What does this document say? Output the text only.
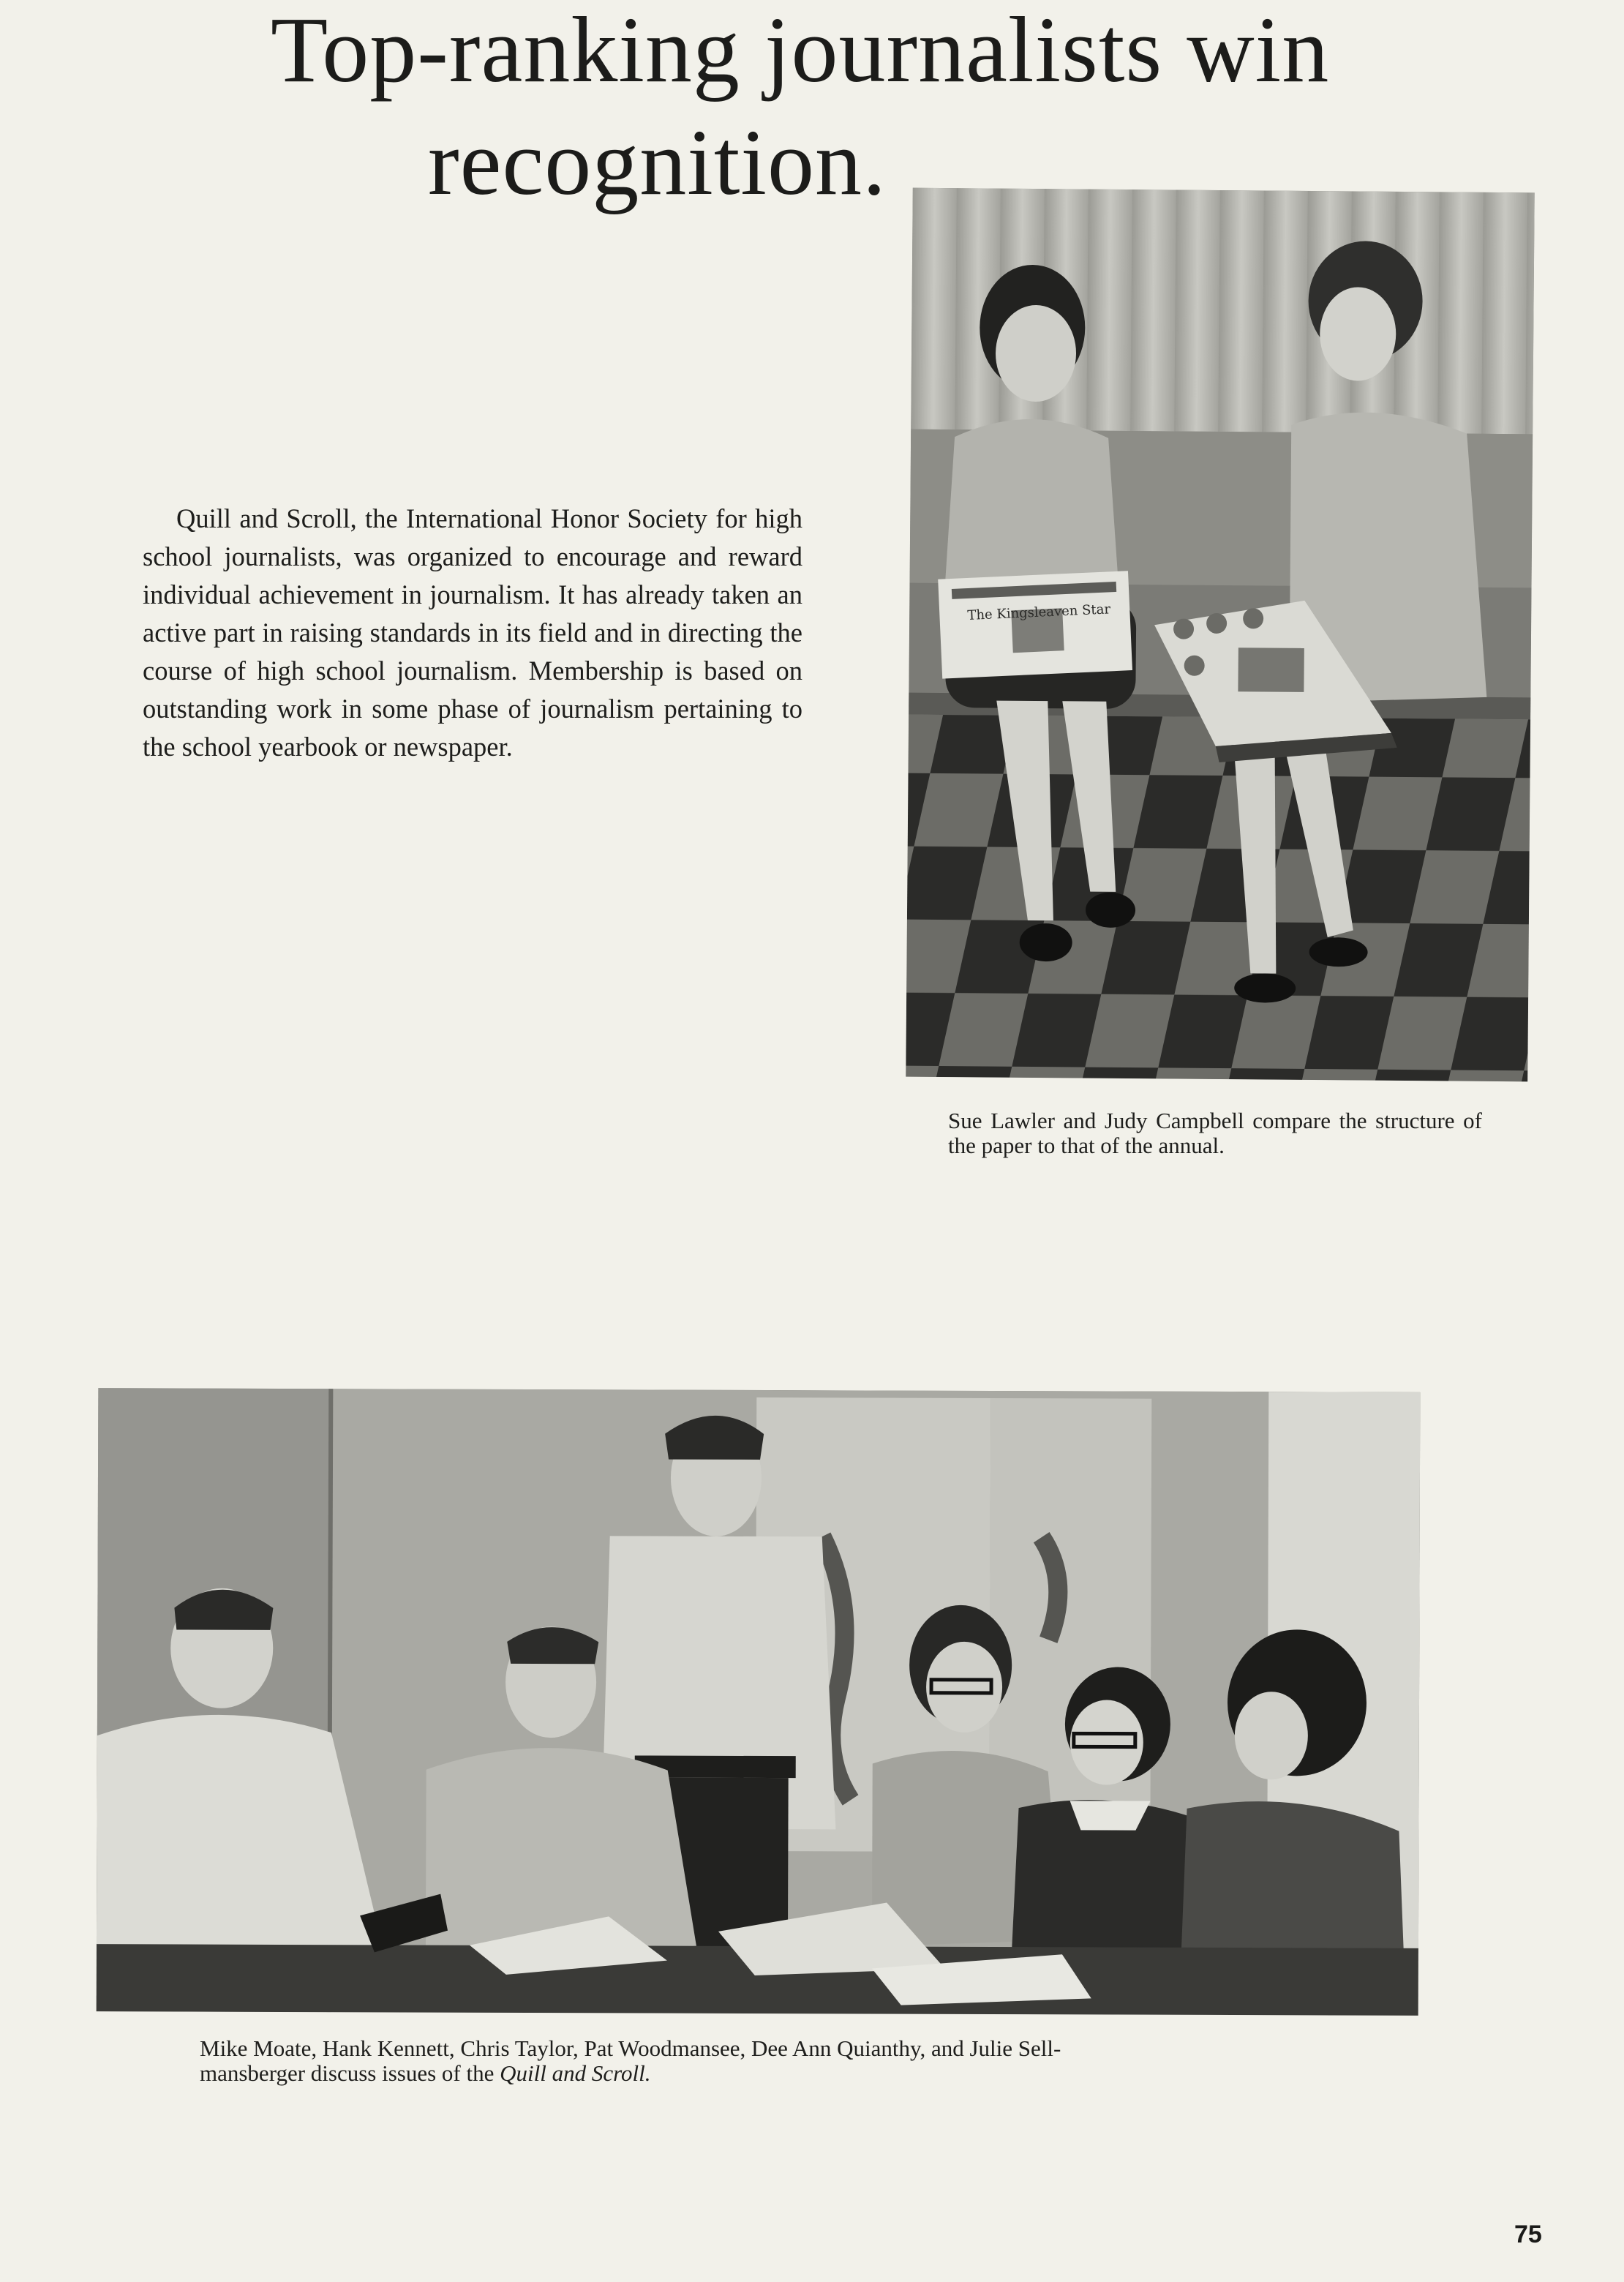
Top-ranking journalists win
recognition.

Quill and Scroll, the International Honor Society for high school journalists, was organized to encourage and reward individual achievement in journalism. It has already taken an active part in raising standards in its field and in directing the course of high school journalism. Membership is based on outstanding work in some phase of journalism pertaining to the school yearbook or newspaper.

The Kingsleaven Star

Sue Lawler and Judy Campbell compare the structure of the paper to that of the annual.

Mike Moate, Hank Kennett, Chris Taylor, Pat Woodmansee, Dee Ann Quianthy, and Julie Sell-
mansberger discuss issues of the Quill and Scroll.

75
